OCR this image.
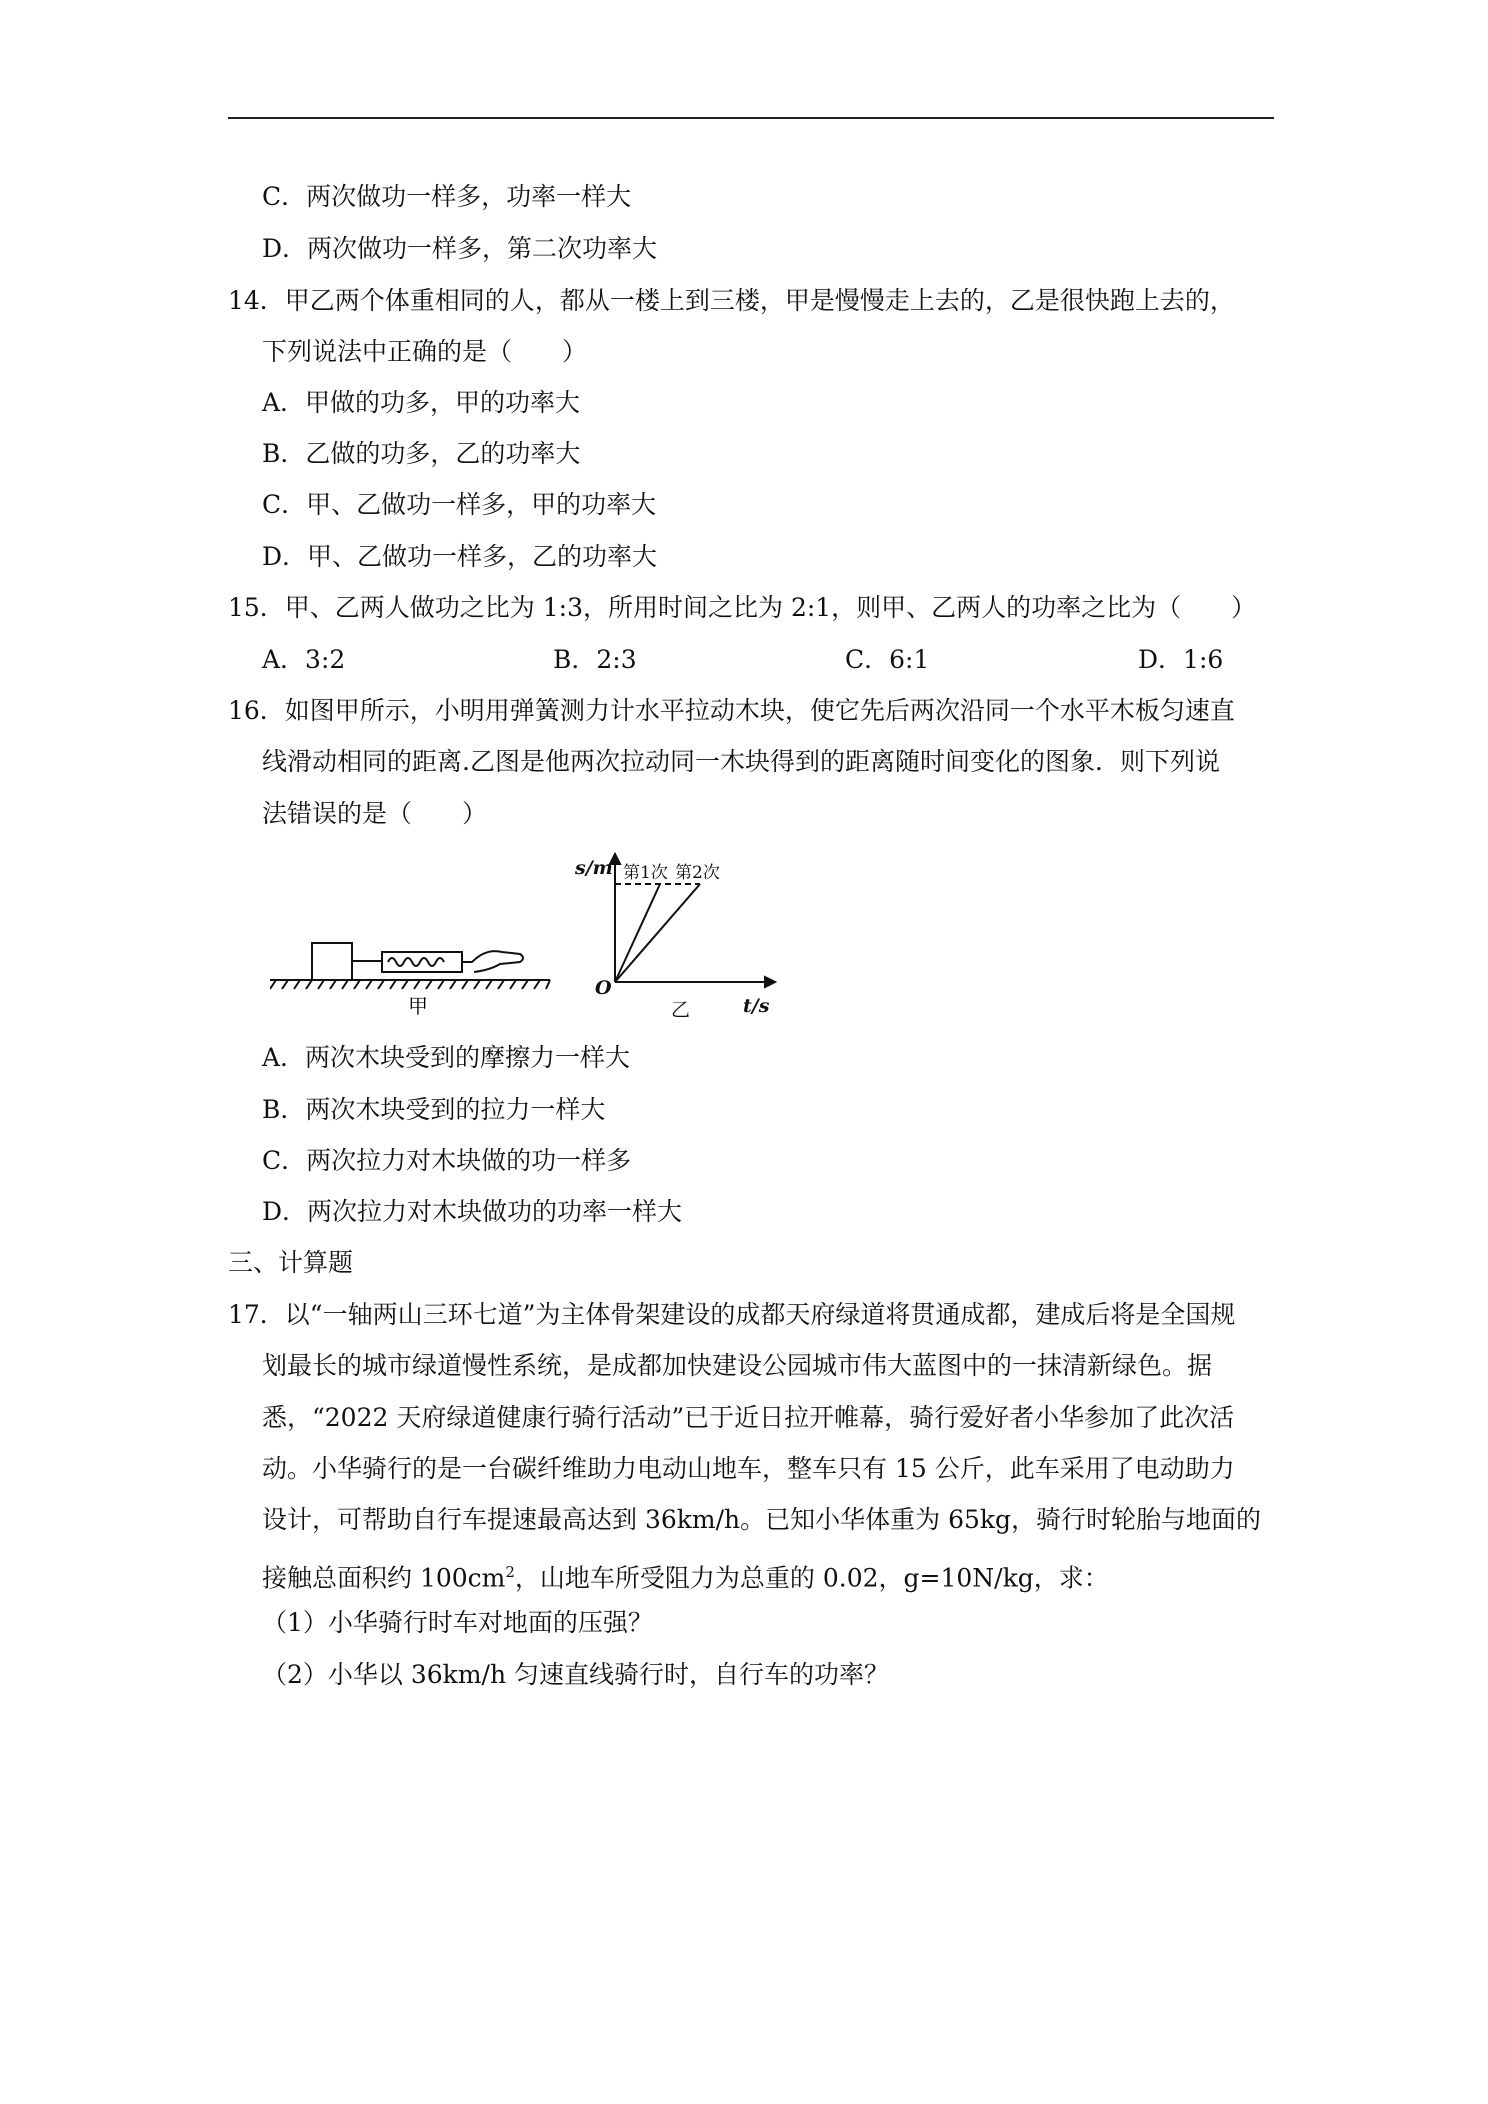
C．两次做功一样多，功率一样大
D．两次做功一样多，第二次功率大
14．甲乙两个体重相同的人，都从一楼上到三楼，甲是慢慢走上去的，乙是很快跑上去的，
下列说法中正确的是（　　）
A．甲做的功多，甲的功率大
B．乙做的功多，乙的功率大
C．甲、乙做功一样多，甲的功率大
D．甲、乙做功一样多，乙的功率大
15．甲、乙两人做功之比为 1:3，所用时间之比为 2:1，则甲、乙两人的功率之比为（　　）
A．3:2	B．2:3	C．6:1	D．1:6
16．如图甲所示，小明用弹簧测力计水平拉动木块，使它先后两次沿同一个水平木板匀速直
线滑动相同的距离.乙图是他两次拉动同一木块得到的距离随时间变化的图象．则下列说
法错误的是（　　）
甲
s/m
t/s
O
第1次 第2次
乙
A．两次木块受到的摩擦力一样大
B．两次木块受到的拉力一样大
C．两次拉力对木块做的功一样多
D．两次拉力对木块做功的功率一样大
三、计算题
17．以“一轴两山三环七道”为主体骨架建设的成都天府绿道将贯通成都，建成后将是全国规
划最长的城市绿道慢性系统，是成都加快建设公园城市伟大蓝图中的一抹清新绿色。据
悉，“2022 天府绿道健康行骑行活动”已于近日拉开帷幕，骑行爱好者小华参加了此次活
动。小华骑行的是一台碳纤维助力电动山地车，整车只有 15 公斤，此车采用了电动助力
设计，可帮助自行车提速最高达到 36km/h。已知小华体重为 65kg，骑行时轮胎与地面的
接触总面积约 $100cm^2$，山地车所受阻力为总重的 0.02，g=10N/kg，求：
（1）小华骑行时车对地面的压强？
（2）小华以 36km/h 匀速直线骑行时，自行车的功率？
